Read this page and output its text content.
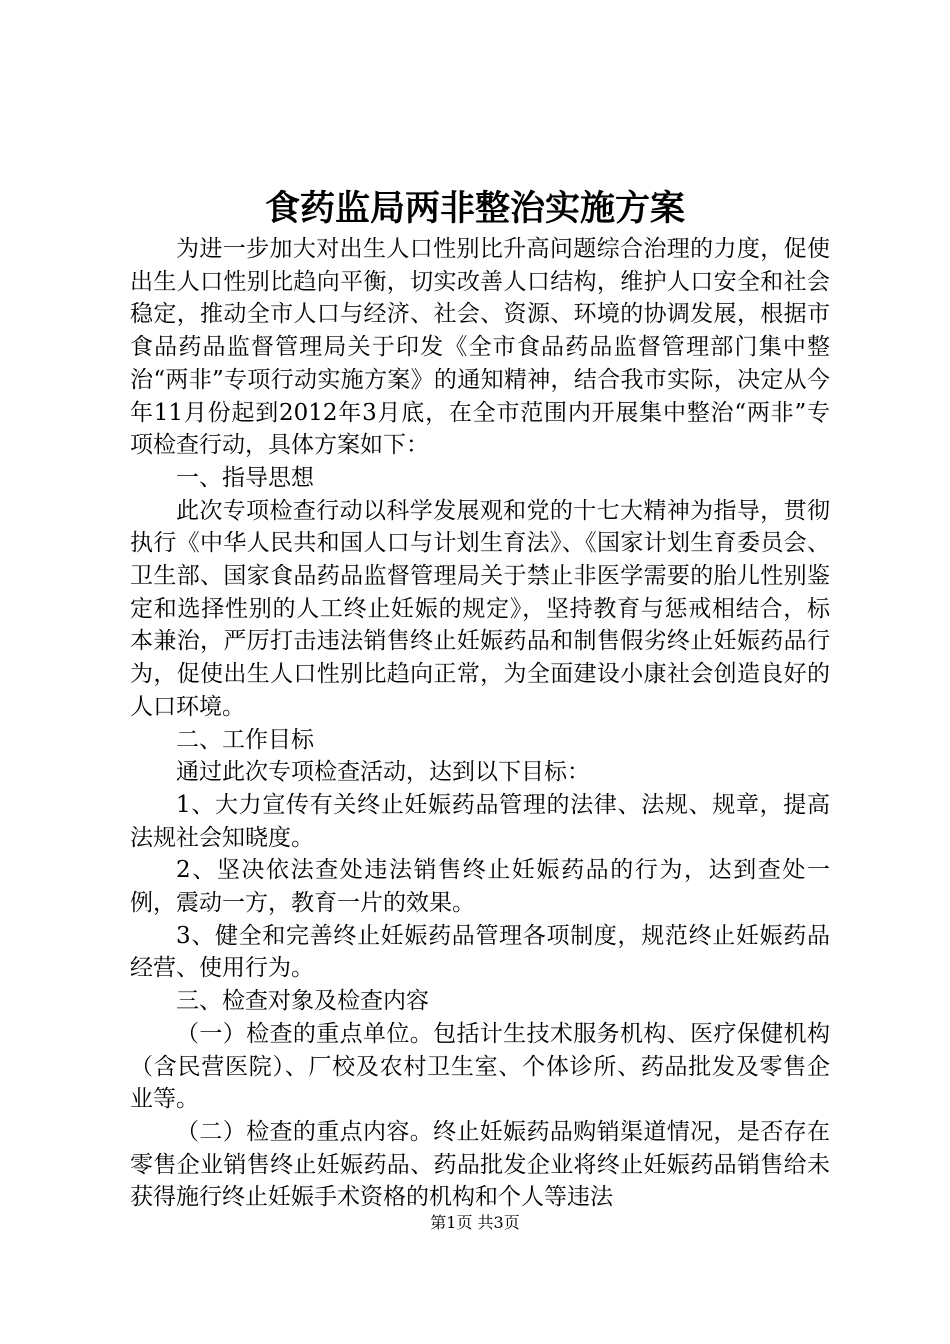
食药监局两非整治实施方案

为进一步加大对出生人口性别比升高问题综合治理的力度，促使出生人口性别比趋向平衡，切实改善人口结构，维护人口安全和社会稳定，推动全市人口与经济、社会、资源、环境的协调发展，根据市食品药品监督管理局关于印发《全市食品药品监督管理部门集中整治“两非”专项行动实施方案》的通知精神，结合我市实际，决定从今年11月份起到2012年3月底，在全市范围内开展集中整治“两非”专项检查行动，具体方案如下：

一、指导思想

此次专项检查行动以科学发展观和党的十七大精神为指导，贯彻执行《中华人民共和国人口与计划生育法》、《国家计划生育委员会、卫生部、国家食品药品监督管理局关于禁止非医学需要的胎儿性别鉴定和选择性别的人工终止妊娠的规定》，坚持教育与惩戒相结合，标本兼治，严厉打击违法销售终止妊娠药品和制售假劣终止妊娠药品行为，促使出生人口性别比趋向正常，为全面建设小康社会创造良好的人口环境。

二、工作目标

通过此次专项检查活动，达到以下目标：

1、大力宣传有关终止妊娠药品管理的法律、法规、规章，提高法规社会知晓度。

2、坚决依法查处违法销售终止妊娠药品的行为，达到查处一例，震动一方，教育一片的效果。

3、健全和完善终止妊娠药品管理各项制度，规范终止妊娠药品经营、使用行为。

三、检查对象及检查内容

（一）检查的重点单位。包括计生技术服务机构、医疗保健机构（含民营医院）、厂校及农村卫生室、个体诊所、药品批发及零售企业等。

（二）检查的重点内容。终止妊娠药品购销渠道情况，是否存在零售企业销售终止妊娠药品、药品批发企业将终止妊娠药品销售给未获得施行终止妊娠手术资格的机构和个人等违法

第1页 共3页
